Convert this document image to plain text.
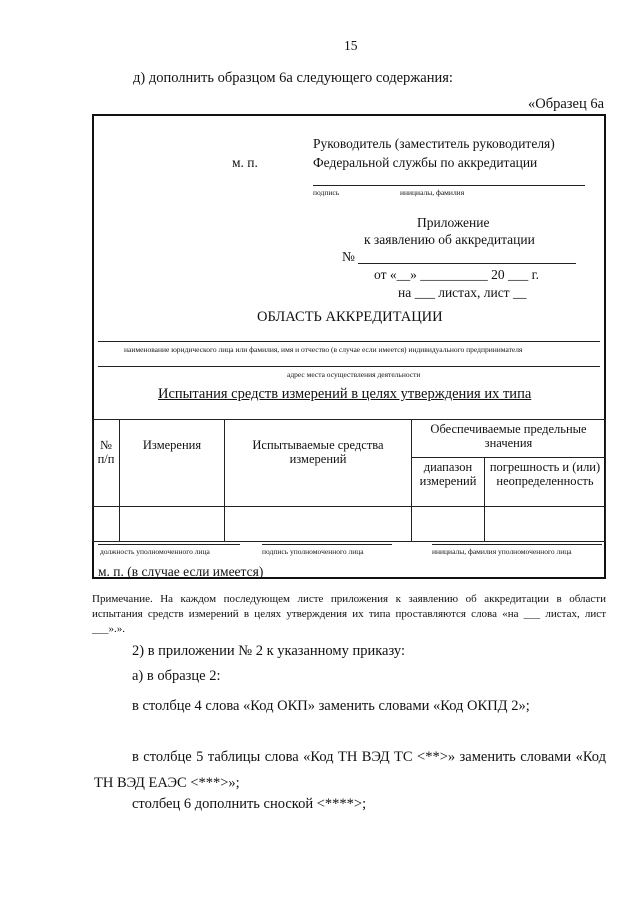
15
д) дополнить образцом 6а следующего содержания:
«Образец 6а
м. п.
Руководитель (заместитель руководителя)
Федеральной службы по аккредитации
подпись	инициалы, фамилия
Приложение
к заявлению об аккредитации
№
от «__» __________ 20 ___ г.
на ___ листах, лист __
ОБЛАСТЬ АККРЕДИТАЦИИ
наименование юридического лица или фамилия, имя и отчество (в случае если имеется) индивидуального предпринимателя
адрес места осуществления деятельности
Испытания средств измерений в целях утверждения их типа
№ п/п	Измерения	Испытываемые средства измерений	Обеспечиваемые предельные значения	
			диапазон измерений	погрешность и (или) неопределенность

должность уполномоченного лица	подпись уполномоченного лица	инициалы, фамилия уполномоченного лица
м. п. (в случае если имеется)
Примечание. На каждом последующем листе приложения к заявлению об аккредитации в области испытания средств измерений в целях утверждения их типа проставляются слова «на ___ листах, лист ___».».
2) в приложении № 2 к указанному приказу:
а) в образце 2:
в столбце 4 слова «Код ОКП» заменить словами «Код ОКПД 2»;
в столбце 5 таблицы слова «Код ТН ВЭД ТС <**>» заменить словами «Код ТН ВЭД ЕАЭС <***>»;
столбец 6 дополнить сноской <****>;
